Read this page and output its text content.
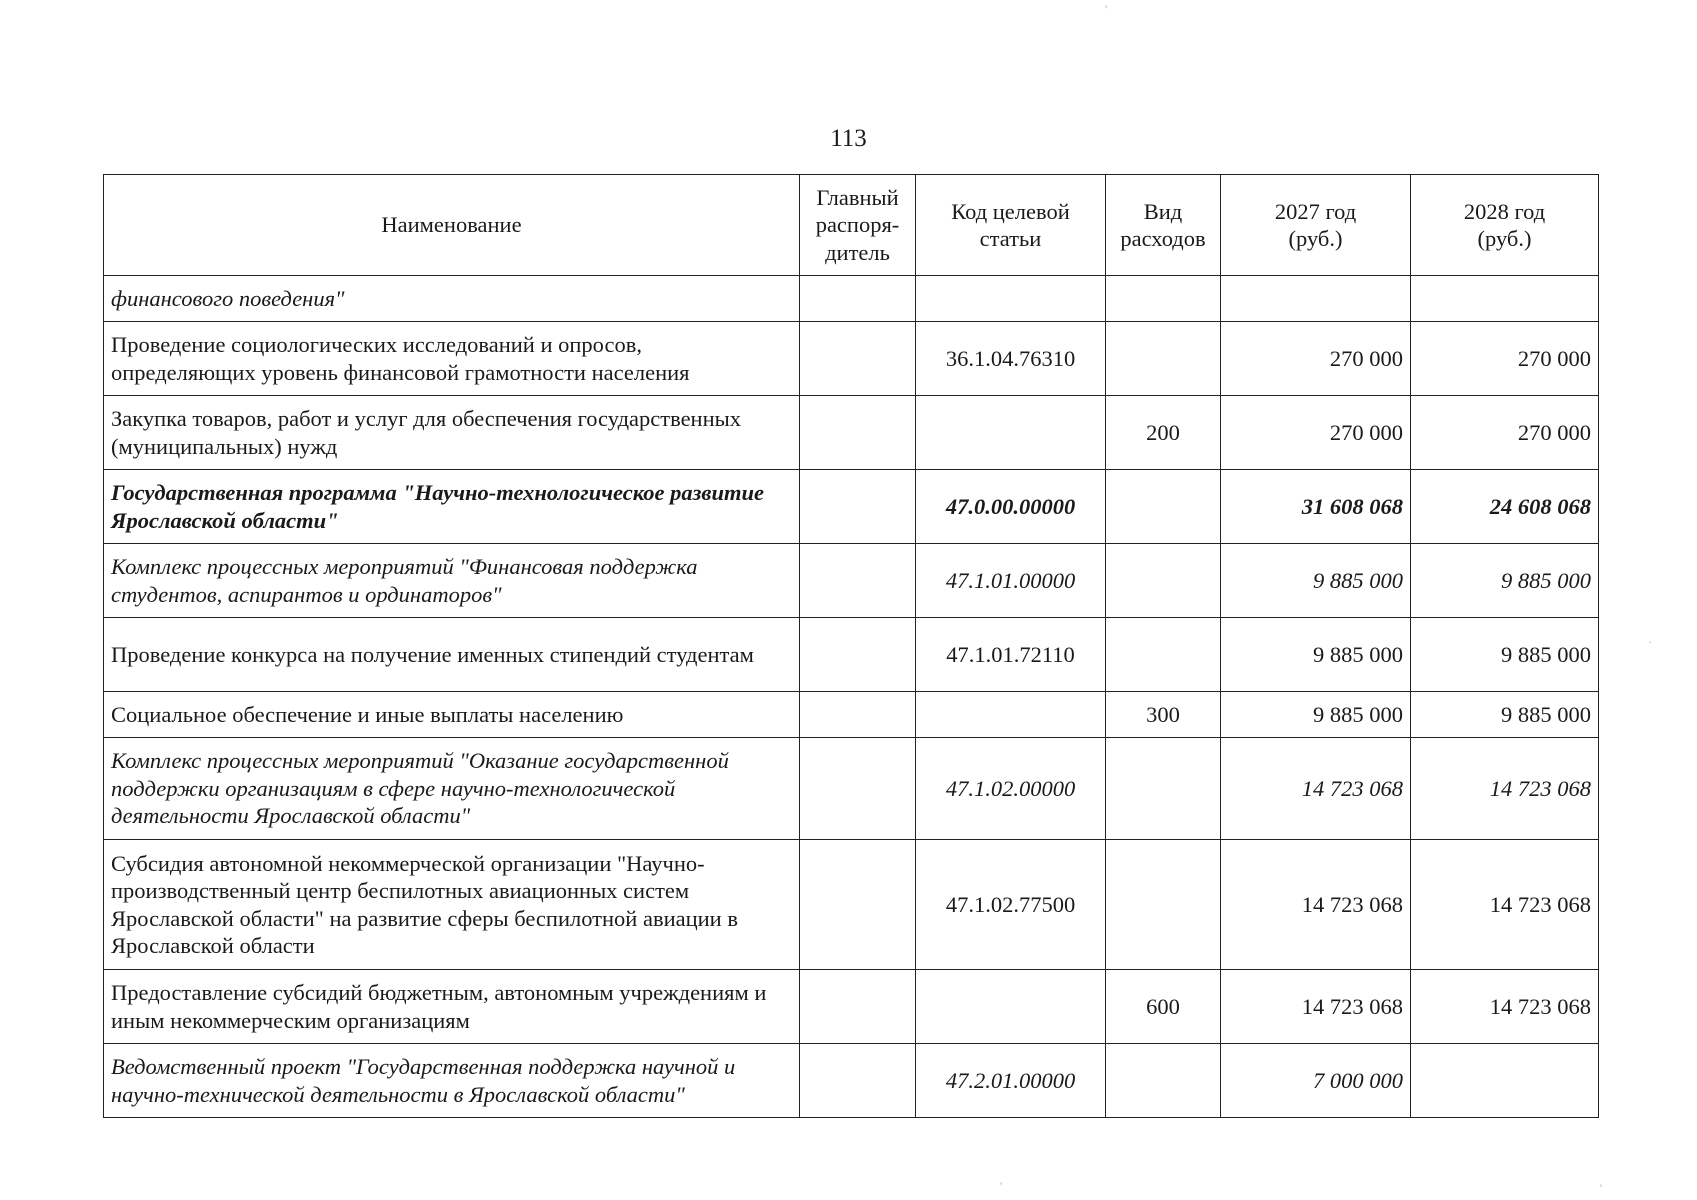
113
Наименование	Главный распоря-дитель	Код целевой статьи	Вид расходов	2027 год (руб.)	2028 год (руб.)
финансового поведения"					
Проведение социологических исследований и опросов, определяющих уровень финансовой грамотности населения		36.1.04.76310		270 000	270 000
Закупка товаров, работ и услуг для обеспечения государственных (муниципальных) нужд			200	270 000	270 000
Государственная программа "Научно-технологическое развитие Ярославской области"		47.0.00.00000		31 608 068	24 608 068
Комплекс процессных мероприятий "Финансовая поддержка студентов, аспирантов и ординаторов"		47.1.01.00000		9 885 000	9 885 000
Проведение конкурса на получение именных стипендий студентам		47.1.01.72110		9 885 000	9 885 000
Социальное обеспечение и иные выплаты населению			300	9 885 000	9 885 000
Комплекс процессных мероприятий "Оказание государственной поддержки организациям в сфере научно-технологической деятельности Ярославской области"		47.1.02.00000		14 723 068	14 723 068
Субсидия автономной некоммерческой организации "Научно-производственный центр беспилотных авиационных систем Ярославской области" на развитие сферы беспилотной авиации в Ярославской области		47.1.02.77500		14 723 068	14 723 068
Предоставление субсидий бюджетным, автономным учреждениям и иным некоммерческим организациям			600	14 723 068	14 723 068
Ведомственный проект "Государственная поддержка научной и научно-технической деятельности в Ярославской области"		47.2.01.00000		7 000 000	
'
·
'	'
